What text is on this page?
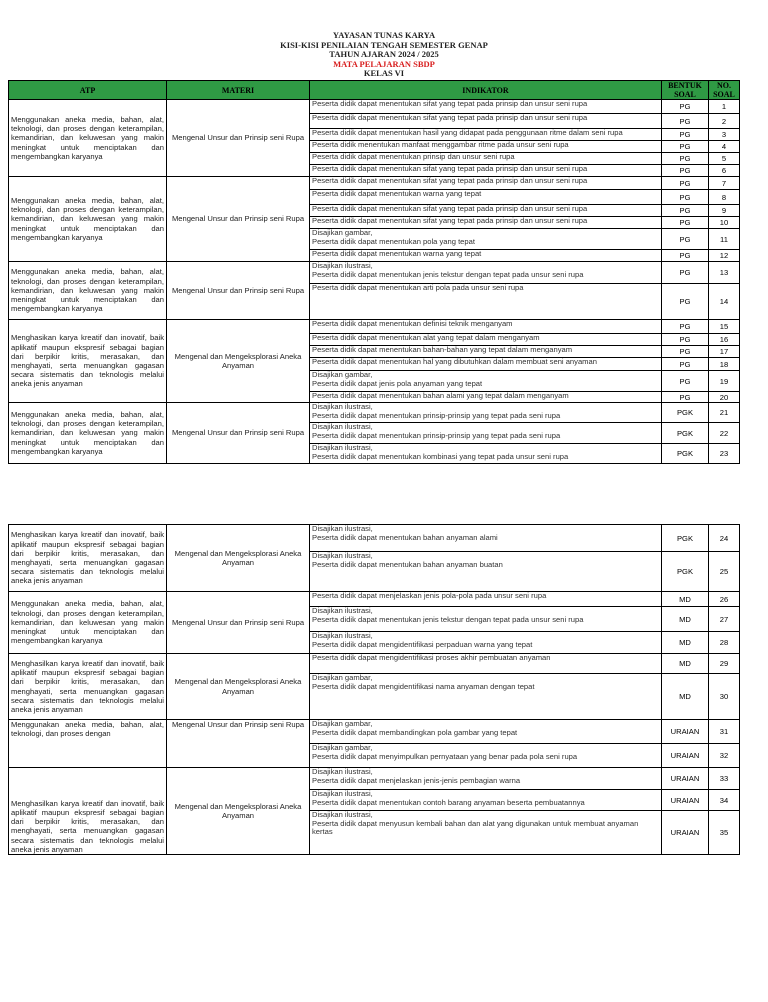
YAYASAN TUNAS KARYA
KISI-KISI PENILAIAN TENGAH SEMESTER GENAP
TAHUN AJARAN 2024 / 2025
MATA PELAJARAN SBDP
KELAS VI
ATP	MATERI	INDIKATOR	BENTUK
SOAL	NO.
SOAL
Menggunakan aneka media, bahan, alat, teknologi, dan proses dengan keterampilan, kemandirian, dan keluwesan yang makin meningkat untuk menciptakan dan mengembangkan karyanya	Mengenal Unsur dan Prinsip seni Rupa	Peserta didik dapat menentukan sifat yang tepat pada prinsip dan unsur seni rupa	PG	1
		Peserta didik dapat menentukan sifat yang tepat pada prinsip dan unsur seni rupa	PG	2
		Peserta didik dapat menentukan hasil yang didapat pada penggunaan ritme dalam seni rupa	PG	3
		Peserta didik menentukan manfaat menggambar ritme pada unsur seni rupa	PG	4
		Peserta didik dapat menentukan prinsip dan unsur seni rupa	PG	5
		Peserta didik dapat menentukan sifat yang tepat pada prinsip dan unsur seni rupa	PG	6
Menggunakan aneka media, bahan, alat, teknologi, dan proses dengan keterampilan, kemandirian, dan keluwesan yang makin meningkat untuk menciptakan dan mengembangkan karyanya	Mengenal Unsur dan Prinsip seni Rupa	Peserta didik dapat menentukan sifat yang tepat pada prinsip dan unsur seni rupa	PG	7
		Peserta didik dapat menentukan warna yang tepat	PG	8
		Peserta didik dapat menentukan sifat yang tepat pada prinsip dan unsur seni rupa	PG	9
		Peserta didik dapat menentukan sifat yang tepat pada prinsip dan unsur seni rupa	PG	10
		Disajikan gambar,
Peserta didik dapat menentukan pola yang tepat	PG	11
		Peserta didik dapat menentukan warna yang tepat	PG	12
Menggunakan aneka media, bahan, alat, teknologi, dan proses dengan keterampilan, kemandirian, dan keluwesan yang makin meningkat untuk menciptakan dan mengembangkan karyanya	Mengenal Unsur dan Prinsip seni Rupa	Disajikan ilustrasi,
Peserta didik dapat menentukan jenis tekstur dengan tepat pada unsur seni rupa	PG	13
		Peserta didik dapat menentukan arti pola pada unsur seni rupa	PG	14
Menghasikan karya kreatif dan inovatif, baik aplikatif maupun ekspresif sebagai bagian dari berpikir kritis, merasakan, dan menghayati, serta menuangkan gagasan secara sistematis dan teknologis melalui aneka jenis anyaman	Mengenal dan Mengeksplorasi Aneka Anyaman	Peserta didik dapat menentukan definisi teknik menganyam	PG	15
		Peserta didik dapat menentukan alat yang tepat dalam menganyam	PG	16
		Peserta didik dapat menentukan bahan-bahan yang tepat dalam menganyam	PG	17
		Peserta didik dapat menentukan hal yang dibutuhkan dalam membuat seni anyaman	PG	18
		Disajikan gambar,
Peserta didik dapat jenis pola anyaman yang tepat	PG	19
		Peserta didik dapat menentukan bahan alami yang tepat dalam menganyam	PG	20
Menggunakan aneka media, bahan, alat, teknologi, dan proses dengan keterampilan, kemandirian, dan keluwesan yang makin meningkat untuk menciptakan dan mengembangkan karyanya	Mengenal Unsur dan Prinsip seni Rupa	Disajikan ilustrasi,
Peserta didik dapat menentukan prinsip-prinsip yang tepat pada seni rupa	PGK	21
		Disajikan ilustrasi,
Peserta didik dapat menentukan prinsip-prinsip yang tepat pada seni rupa	PGK	22
		Disajikan ilustrasi,
Peserta didik dapat menentukan kombinasi yang tepat pada unsur seni rupa	PGK	23
Menghasikan karya kreatif dan inovatif, baik aplikatif maupun ekspresif sebagai bagian dari berpikir kritis, merasakan, dan menghayati, serta menuangkan gagasan secara sistematis dan teknologis melalui aneka jenis anyaman	Mengenal dan Mengeksplorasi Aneka Anyaman	Disajikan ilustrasi,
Peserta didik dapat menentukan bahan anyaman alami	PGK	24
		Disajikan ilustrasi,
Peserta didik dapat menentukan bahan anyaman buatan	PGK	25
Menggunakan aneka media, bahan, alat, teknologi, dan proses dengan keterampilan, kemandirian, dan keluwesan yang makin meningkat untuk menciptakan dan mengembangkan karyanya	Mengenal Unsur dan Prinsip seni Rupa	Peserta didik dapat menjelaskan jenis pola-pola pada unsur seni rupa	MD	26
		Disajikan ilustrasi,
Peserta didik dapat menentukan jenis tekstur dengan tepat pada unsur seni rupa	MD	27
		Disajikan ilustrasi,
Peserta didik dapat mengidentifikasi perpaduan warna yang tepat	MD	28
Menghasilkan karya kreatif dan inovatif, baik aplikatif maupun ekspresif sebagai bagian dari berpikir kritis, merasakan, dan menghayati, serta menuangkan gagasan secara sistematis dan teknologis melalui aneka jenis anyaman	Mengenal dan Mengeksplorasi Aneka Anyaman	Peserta didik dapat mengidentifikasi proses akhir pembuatan anyaman	MD	29
		Disajikan gambar,
Peserta didik dapat mengidentifikasi nama anyaman dengan tepat	MD	30
Menggunakan aneka media, bahan, alat, teknologi, dan proses dengan	Mengenal Unsur dan Prinsip seni Rupa	Disajikan gambar,
Peserta didik dapat membandingkan pola gambar yang tepat	URAIAN	31
		Disajikan gambar,
Peserta didik dapat menyimpulkan pernyataan yang benar pada pola seni rupa	URAIAN	32
Menghasilkan karya kreatif dan inovatif, baik aplikatif maupun ekspresif sebagai bagian dari berpikir kritis, merasakan, dan menghayati, serta menuangkan gagasan secara sistematis dan teknologis melalui aneka jenis anyaman	Mengenal dan Mengeksplorasi Aneka Anyaman	Disajikan ilustrasi,
Peserta didik dapat menjelaskan jenis-jenis pembagian warna	URAIAN	33
		Disajikan ilustrasi,
Peserta didik dapat menentukan contoh barang anyaman beserta pembuatannya	URAIAN	34
		Disajikan ilustrasi,
Peserta didik dapat menyusun kembali bahan dan alat yang digunakan untuk membuat anyaman kertas	URAIAN	35
